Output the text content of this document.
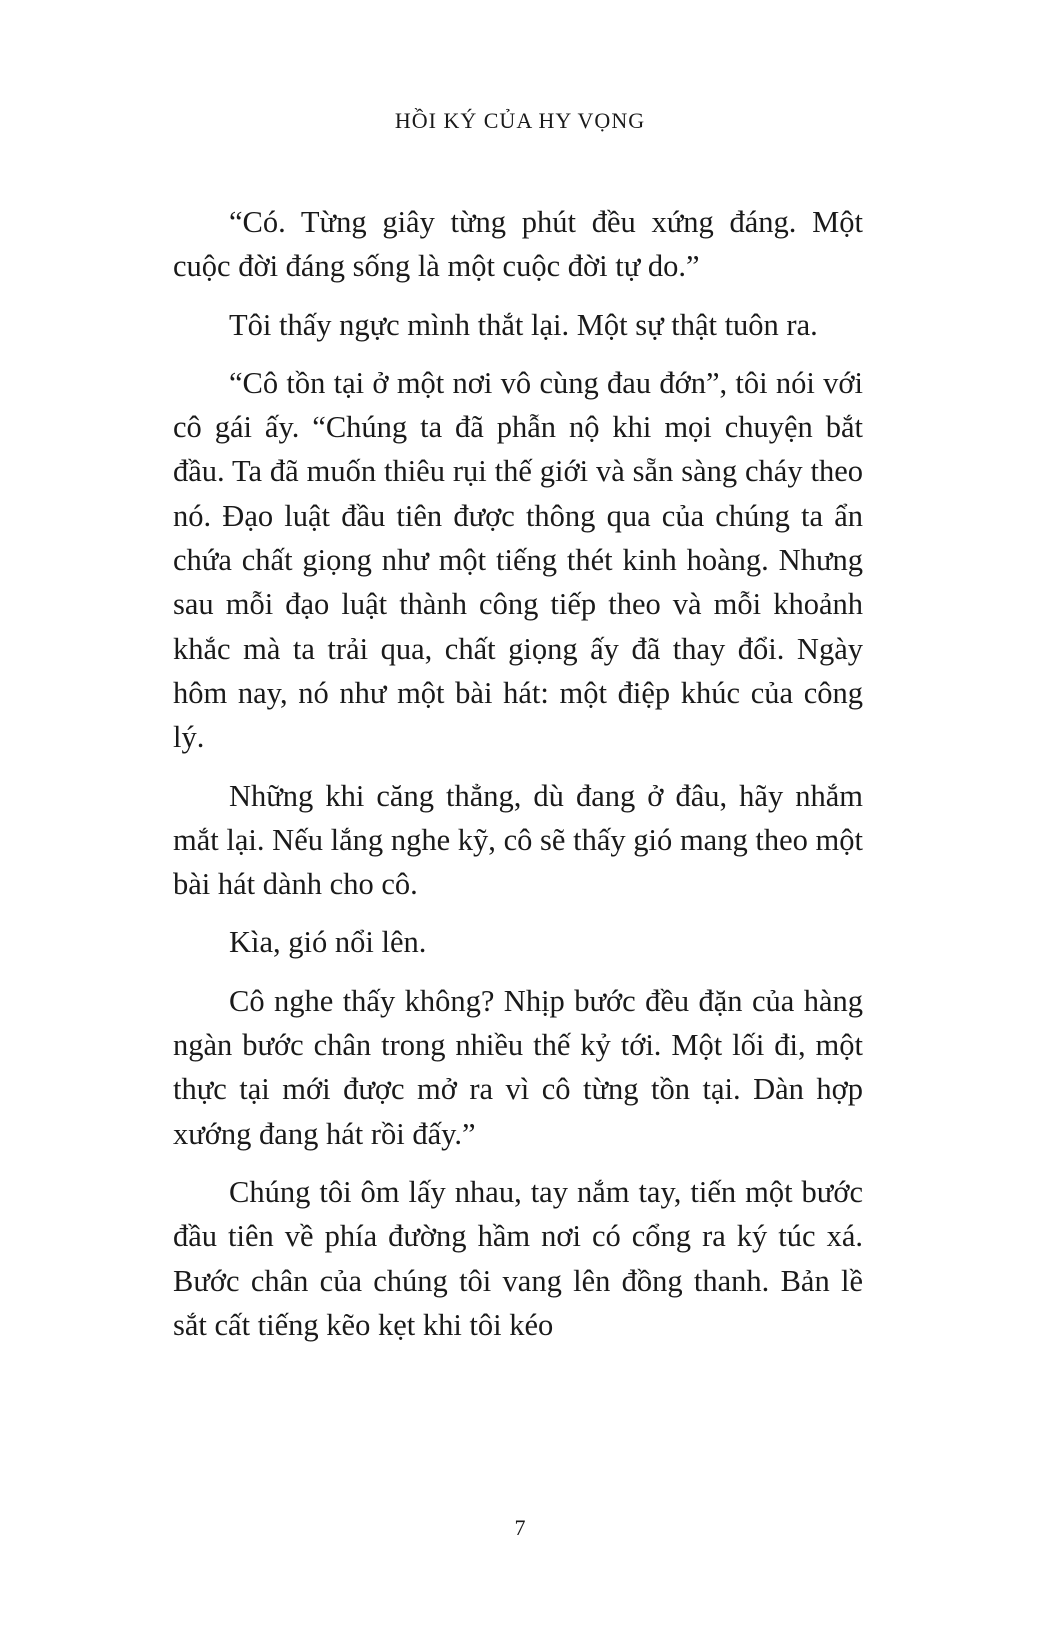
HỒI KÝ CỦA HY VỌNG

“Có. Từng giây từng phút đều xứng đáng. Một cuộc đời đáng sống là một cuộc đời tự do.”

Tôi thấy ngực mình thắt lại. Một sự thật tuôn ra.

“Cô tồn tại ở một nơi vô cùng đau đớn”, tôi nói với cô gái ấy. “Chúng ta đã phẫn nộ khi mọi chuyện bắt đầu. Ta đã muốn thiêu rụi thế giới và sẵn sàng cháy theo nó. Đạo luật đầu tiên được thông qua của chúng ta ẩn chứa chất giọng như một tiếng thét kinh hoàng. Nhưng sau mỗi đạo luật thành công tiếp theo và mỗi khoảnh khắc mà ta trải qua, chất giọng ấy đã thay đổi. Ngày hôm nay, nó như một bài hát: một điệp khúc của công lý.

Những khi căng thẳng, dù đang ở đâu, hãy nhắm mắt lại. Nếu lắng nghe kỹ, cô sẽ thấy gió mang theo một bài hát dành cho cô.

Kìa, gió nổi lên.

Cô nghe thấy không? Nhịp bước đều đặn của hàng ngàn bước chân trong nhiều thế kỷ tới. Một lối đi, một thực tại mới được mở ra vì cô từng tồn tại. Dàn hợp xướng đang hát rồi đấy.”

Chúng tôi ôm lấy nhau, tay nắm tay, tiến một bước đầu tiên về phía đường hầm nơi có cổng ra ký túc xá. Bước chân của chúng tôi vang lên đồng thanh. Bản lề sắt cất tiếng kẽo kẹt khi tôi kéo

7
